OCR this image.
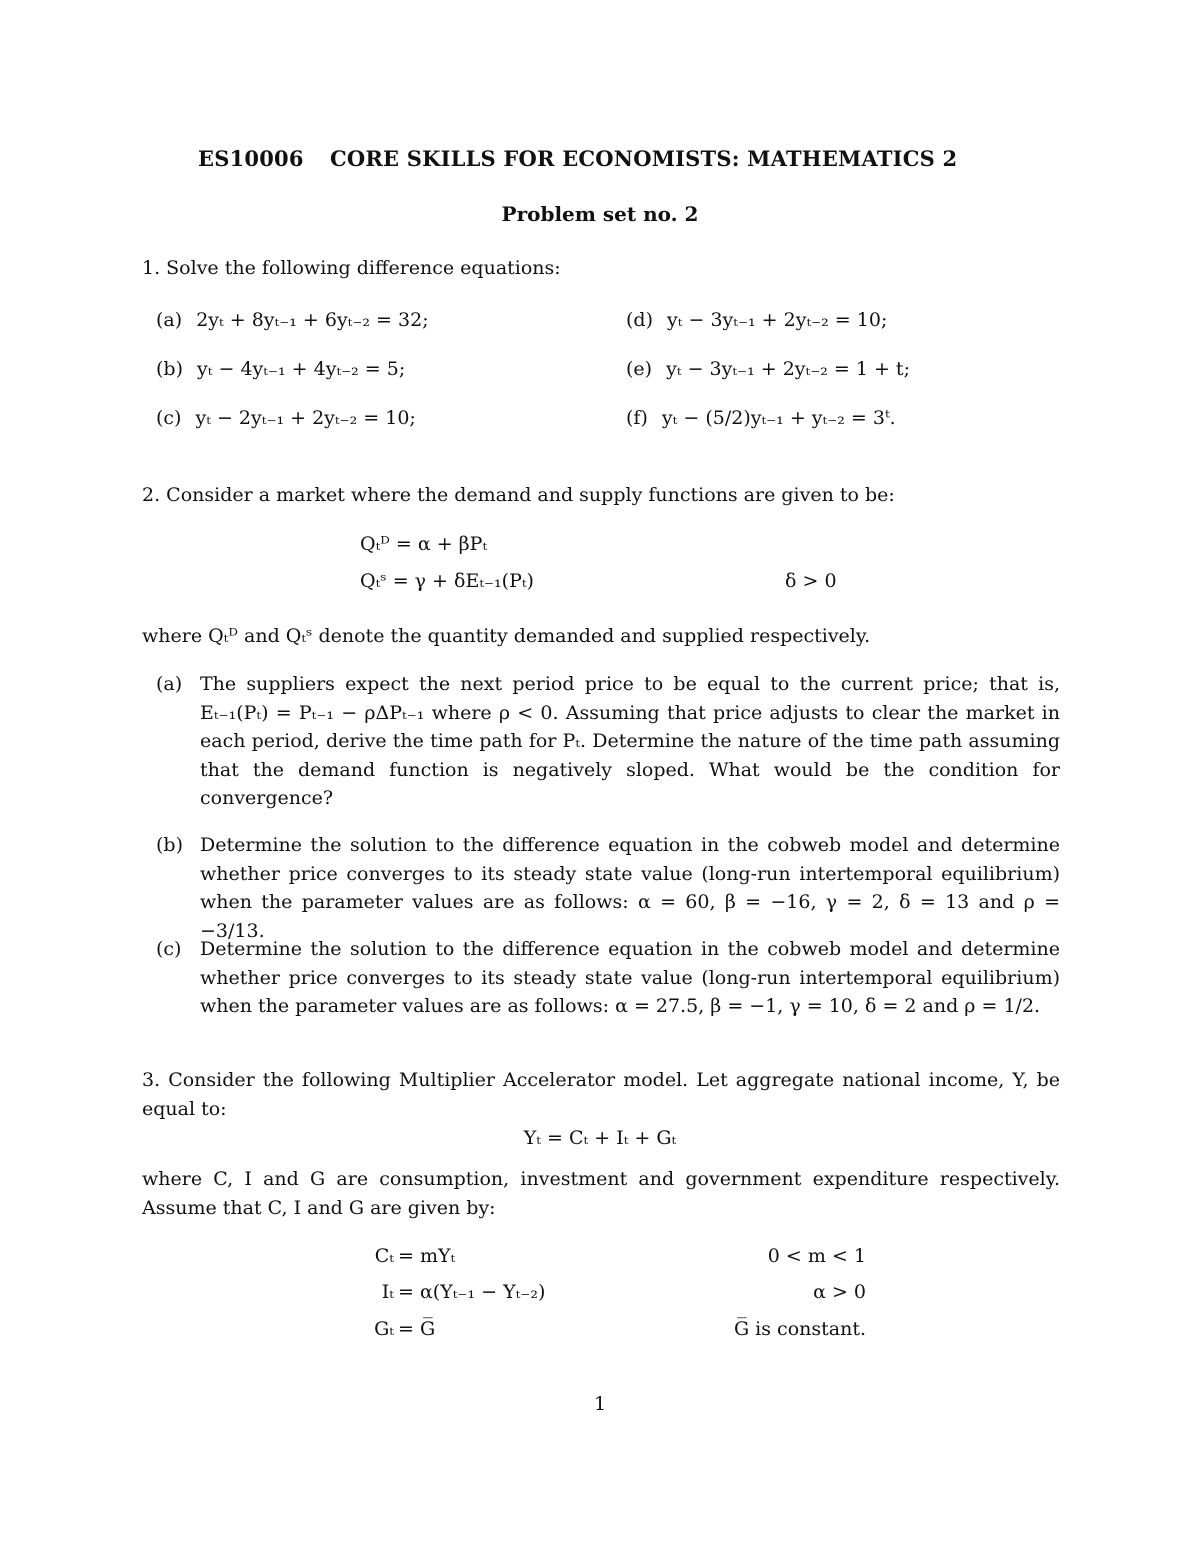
ES10006 CORE SKILLS FOR ECONOMISTS: MATHEMATICS 2
Problem set no. 2
1. Solve the following difference equations:
(a) 2yₜ + 8yₜ₋₁ + 6yₜ₋₂ = 32;
(b) yₜ − 4yₜ₋₁ + 4yₜ₋₂ = 5;
(c) yₜ − 2yₜ₋₁ + 2yₜ₋₂ = 10;
(d) yₜ − 3yₜ₋₁ + 2yₜ₋₂ = 10;
(e) yₜ − 3yₜ₋₁ + 2yₜ₋₂ = 1 + t;
(f) yₜ − (5/2)yₜ₋₁ + yₜ₋₂ = 3ᵗ.
2. Consider a market where the demand and supply functions are given to be:
Qₜᴰ = α + βPₜ
Qₜˢ = γ + δEₜ₋₁(Pₜ)	δ > 0
where Qₜᴰ and Qₜˢ denote the quantity demanded and supplied respectively.
(a) The suppliers expect the next period price to be equal to the current price; that is, Eₜ₋₁(Pₜ) = Pₜ₋₁ − ρΔPₜ₋₁ where ρ < 0. Assuming that price adjusts to clear the market in each period, derive the time path for Pₜ. Determine the nature of the time path assuming that the demand function is negatively sloped. What would be the condition for convergence?
(b) Determine the solution to the difference equation in the cobweb model and determine whether price converges to its steady state value (long-run intertemporal equilibrium) when the parameter values are as follows: α = 60, β = −16, γ = 2, δ = 13 and ρ = −3/13.
(c) Determine the solution to the difference equation in the cobweb model and determine whether price converges to its steady state value (long-run intertemporal equilibrium) when the parameter values are as follows: α = 27.5, β = −1, γ = 10, δ = 2 and ρ = 1/2.
3. Consider the following Multiplier Accelerator model. Let aggregate national income, Y, be equal to:
Yₜ = Cₜ + Iₜ + Gₜ
where C, I and G are consumption, investment and government expenditure respectively. Assume that C, I and G are given by:
Cₜ = mYₜ	0 < m < 1
Iₜ = α(Yₜ₋₁ − Yₜ₋₂)	α > 0
Gₜ = G̅	G̅ is constant.
1
